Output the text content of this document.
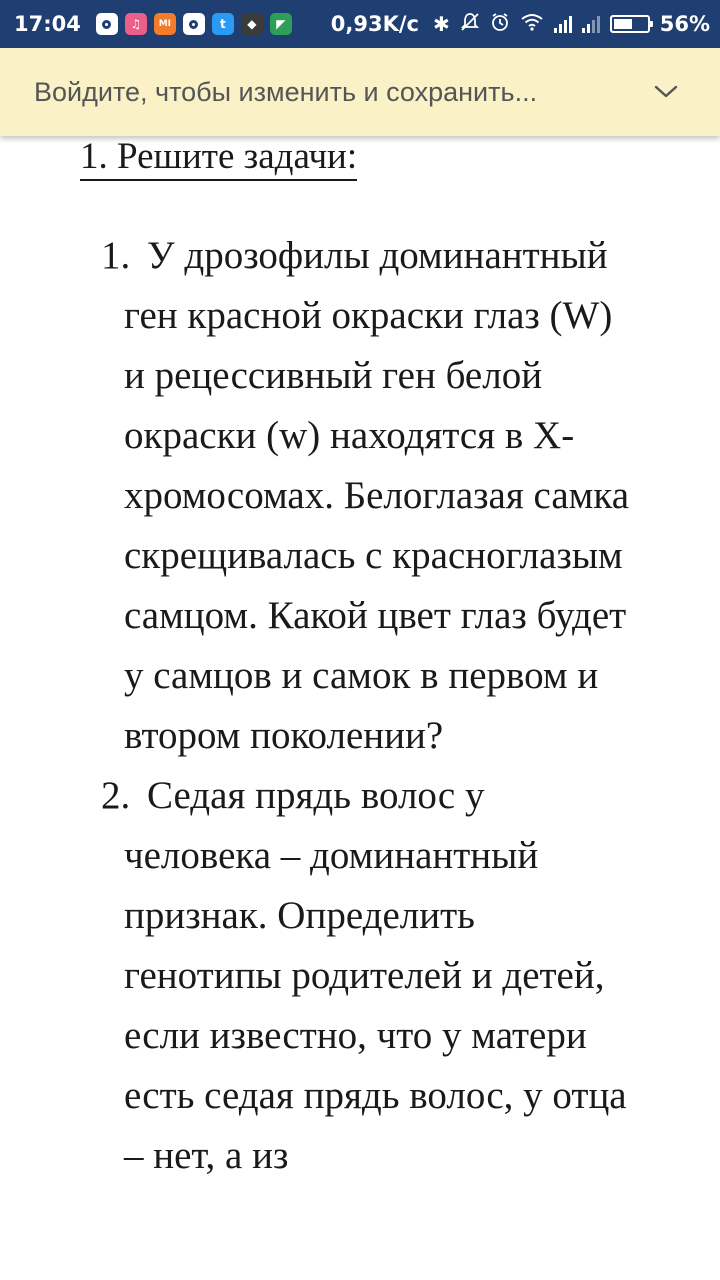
17:04	♫	MI	t	◆	◤	0,93K/с ✱	56%
Войдите, чтобы изменить и сохранить...
1. Решите задачи:
1. У дрозофилы доминантный ген красной окраски глаз (W) и рецессивный ген белой окраски (w) находятся в X-хромосомах. Белоглазая самка скрещивалась с красноглазым самцом. Какой цвет глаз будет у самцов и самок в первом и втором поколении?
2. Седая прядь волос у человека – доминантный признак. Определить генотипы родителей и детей, если известно, что у матери есть седая прядь волос, у отца – нет, а из
